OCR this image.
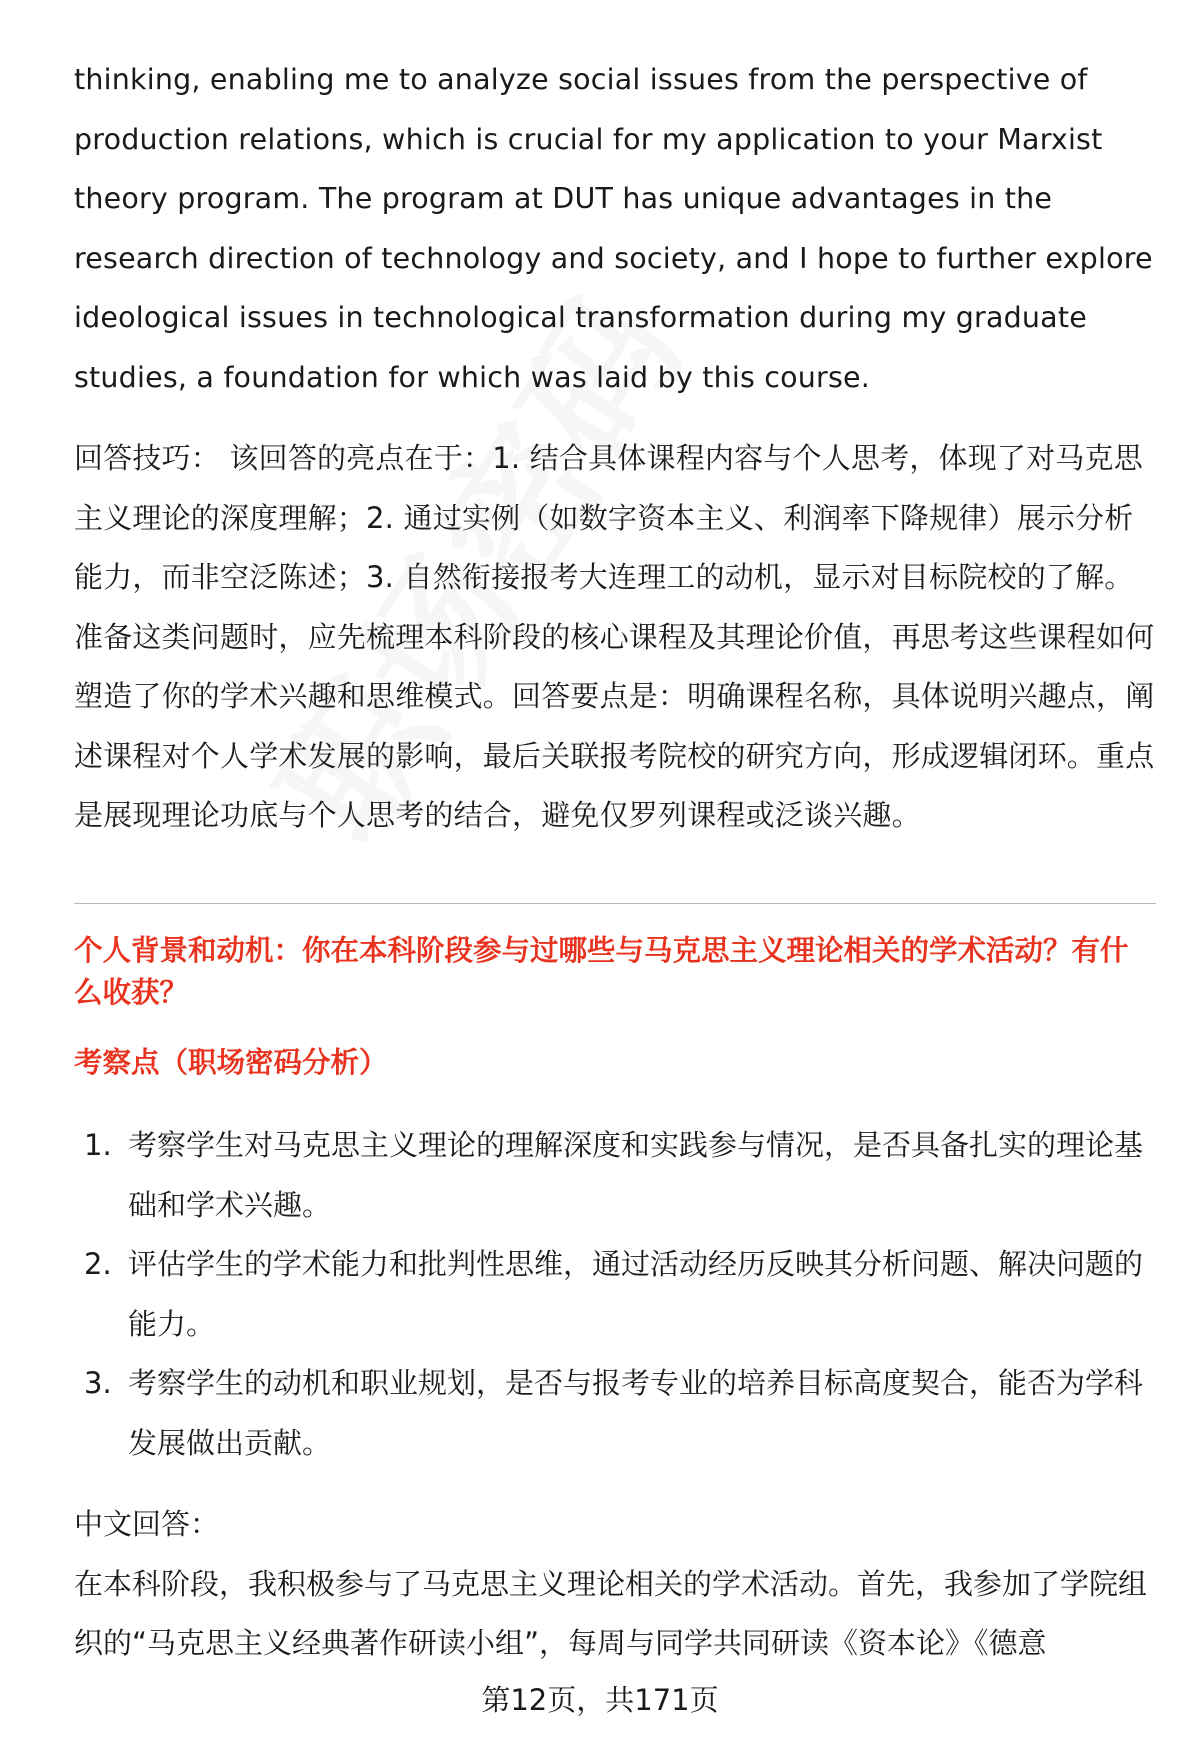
thinking, enabling me to analyze social issues from the perspective of production relations, which is crucial for my application to your Marxist theory program. The program at DUT has unique advantages in the research direction of technology and society, and I hope to further explore ideological issues in technological transformation during my graduate studies, a foundation for which was laid by this course.

回答技巧： 该回答的亮点在于：1. 结合具体课程内容与个人思考，体现了对马克思主义理论的深度理解；2. 通过实例（如数字资本主义、利润率下降规律）展示分析能力，而非空泛陈述；3. 自然衔接报考大连理工的动机，显示对目标院校的了解。准备这类问题时，应先梳理本科阶段的核心课程及其理论价值，再思考这些课程如何塑造了你的学术兴趣和思维模式。回答要点是：明确课程名称，具体说明兴趣点，阐述课程对个人学术发展的影响，最后关联报考院校的研究方向，形成逻辑闭环。重点是展现理论功底与个人思考的结合，避免仅罗列课程或泛谈兴趣。

个人背景和动机：你在本科阶段参与过哪些与马克思主义理论相关的学术活动？有什么收获？

考察点（职场密码分析）

1. 考察学生对马克思主义理论的理解深度和实践参与情况，是否具备扎实的理论基础和学术兴趣。
2. 评估学生的学术能力和批判性思维，通过活动经历反映其分析问题、解决问题的能力。
3. 考察学生的动机和职业规划，是否与报考专业的培养目标高度契合，能否为学科发展做出贡献。

中文回答：

在本科阶段，我积极参与了马克思主义理论相关的学术活动。首先，我参加了学院组织的“马克思主义经典著作研读小组”，每周与同学共同研读《资本论》《德意

第12页，共171页
